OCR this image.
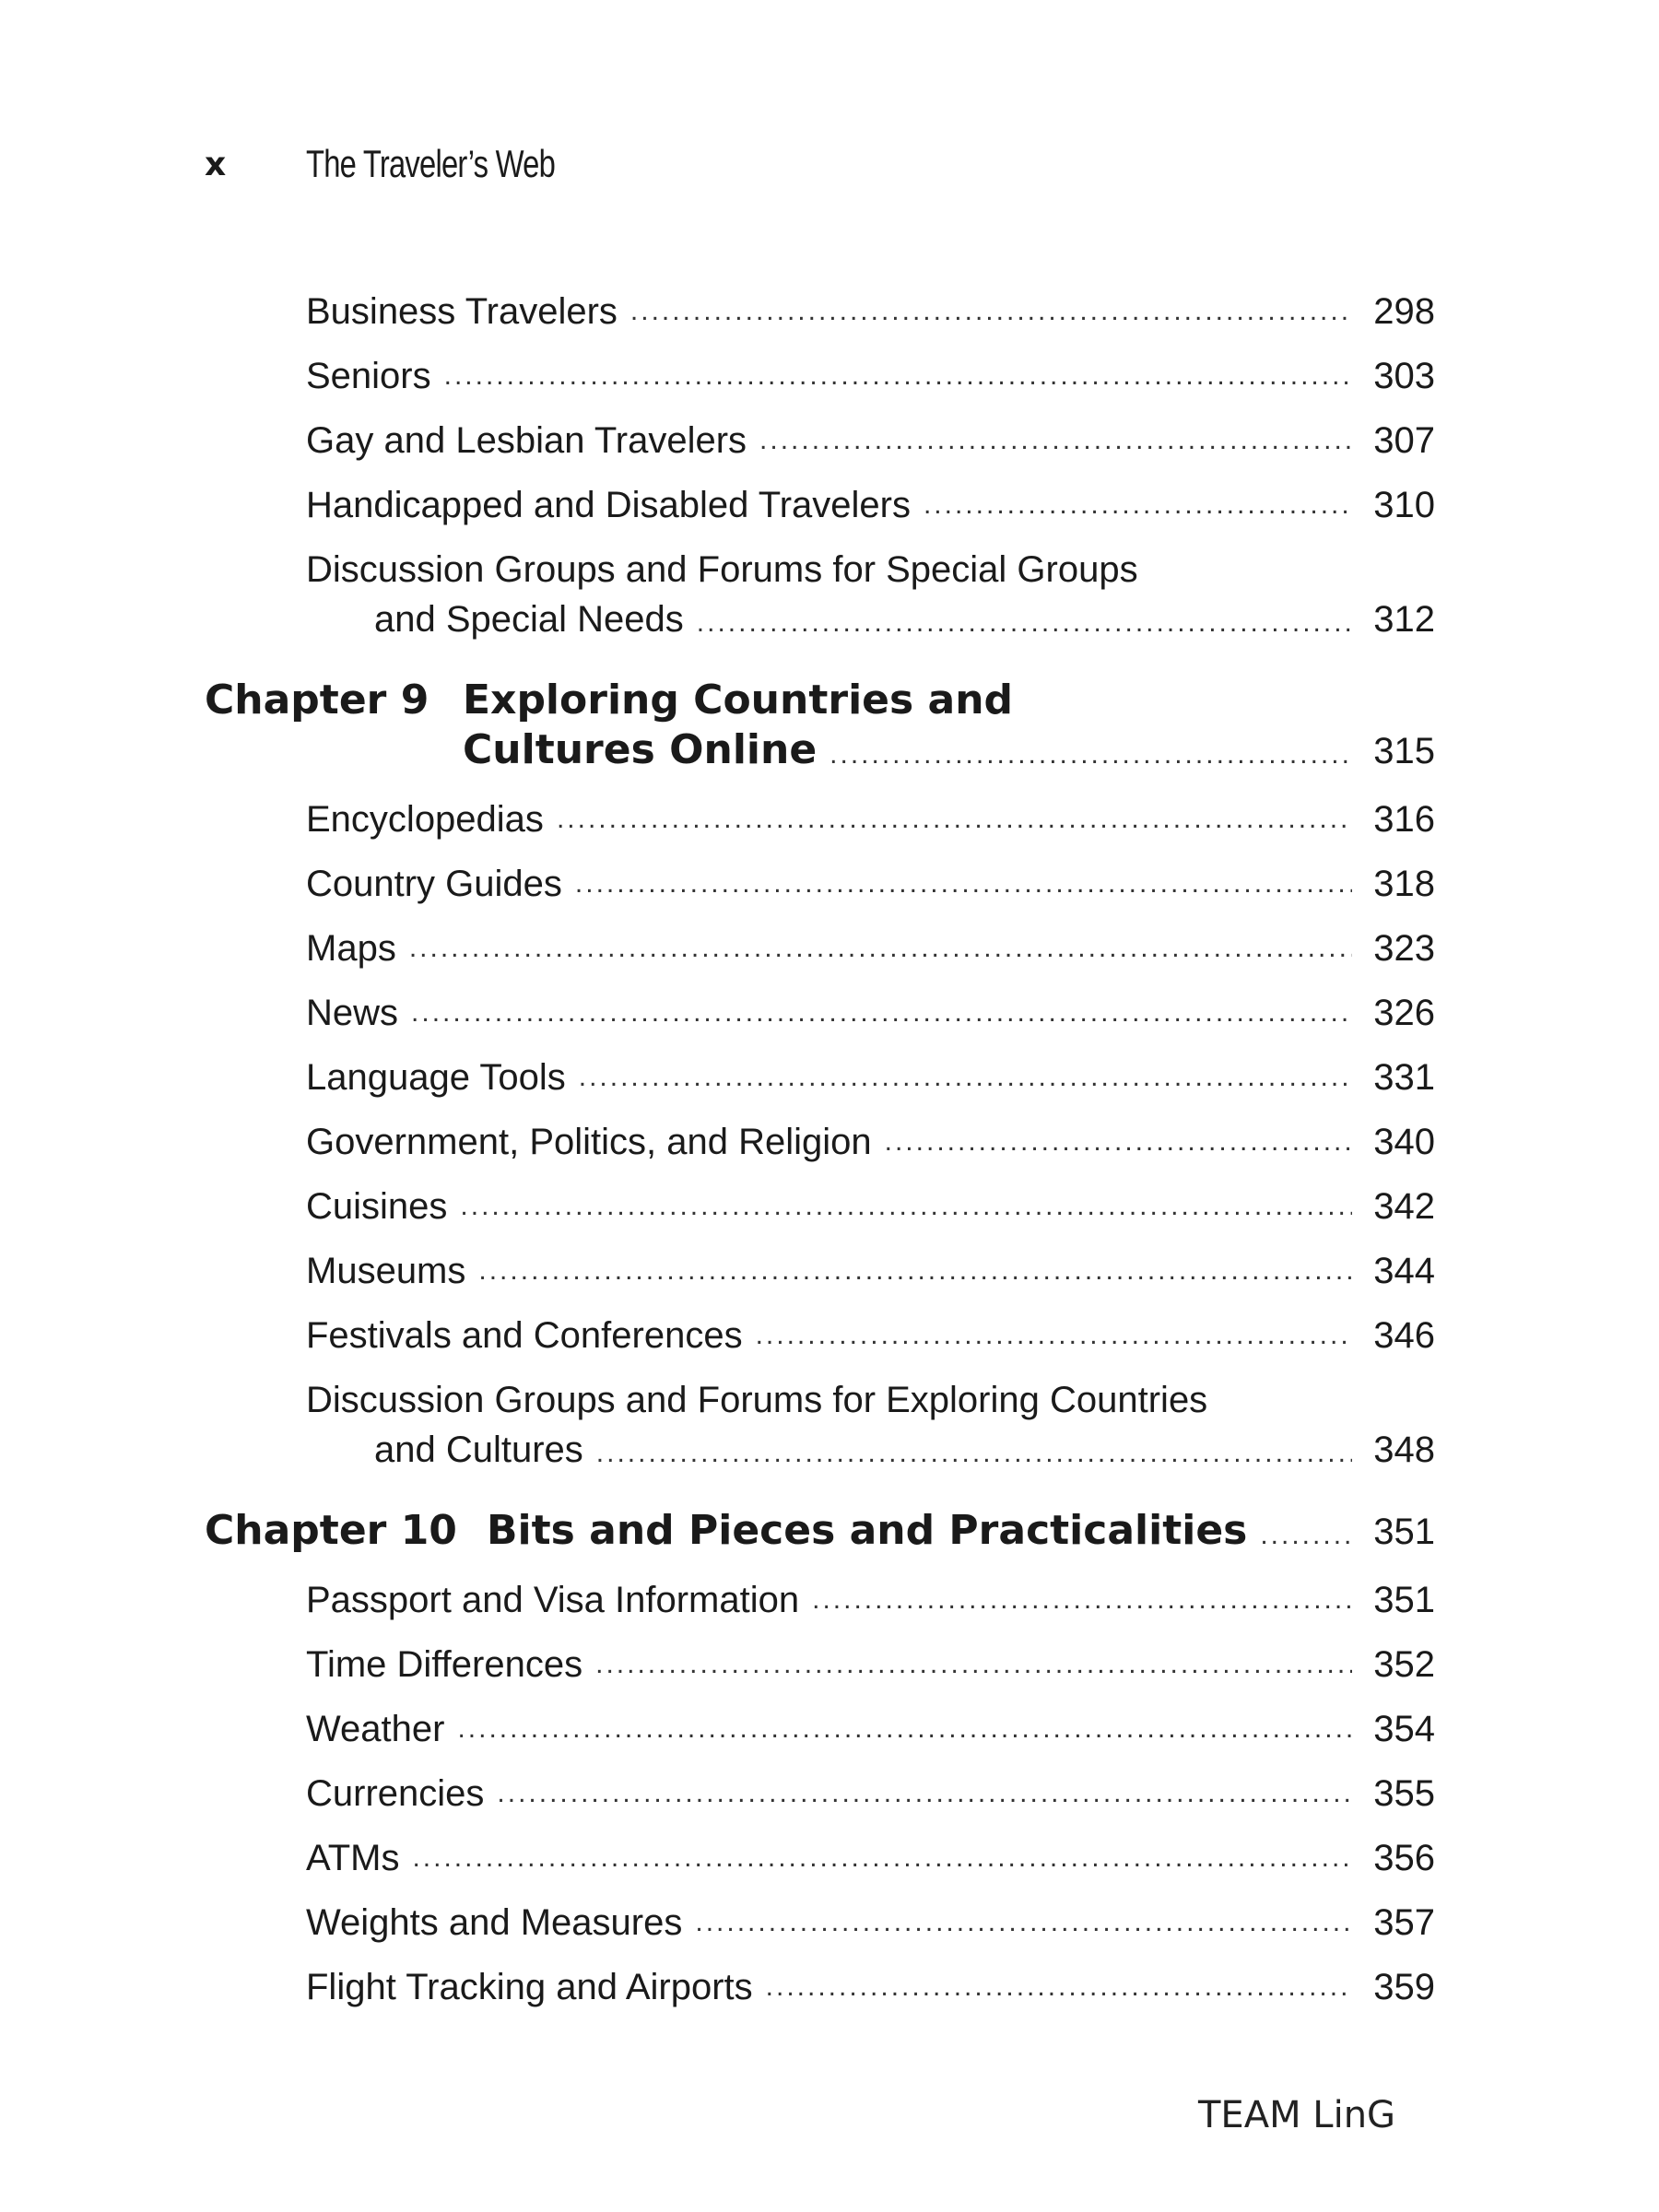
x	The Traveler’s Web
Business Travelers .....	298
Seniors .....	303
Gay and Lesbian Travelers .....	307
Handicapped and Disabled Travelers .....	310
Discussion Groups and Forums for Special Groups
and Special Needs .....	312
Chapter 9 Exploring Countries and
Cultures Online .....	315
Encyclopedias .....	316
Country Guides .....	318
Maps .....	323
News .....	326
Language Tools .....	331
Government, Politics, and Religion .....	340
Cuisines .....	342
Museums .....	344
Festivals and Conferences .....	346
Discussion Groups and Forums for Exploring Countries
and Cultures .....	348
Chapter 10 Bits and Pieces and Practicalities .....	351
Passport and Visa Information .....	351
Time Differences .....	352
Weather .....	354
Currencies .....	355
ATMs .....	356
Weights and Measures .....	357
Flight Tracking and Airports .....	359
TEAM LinG
